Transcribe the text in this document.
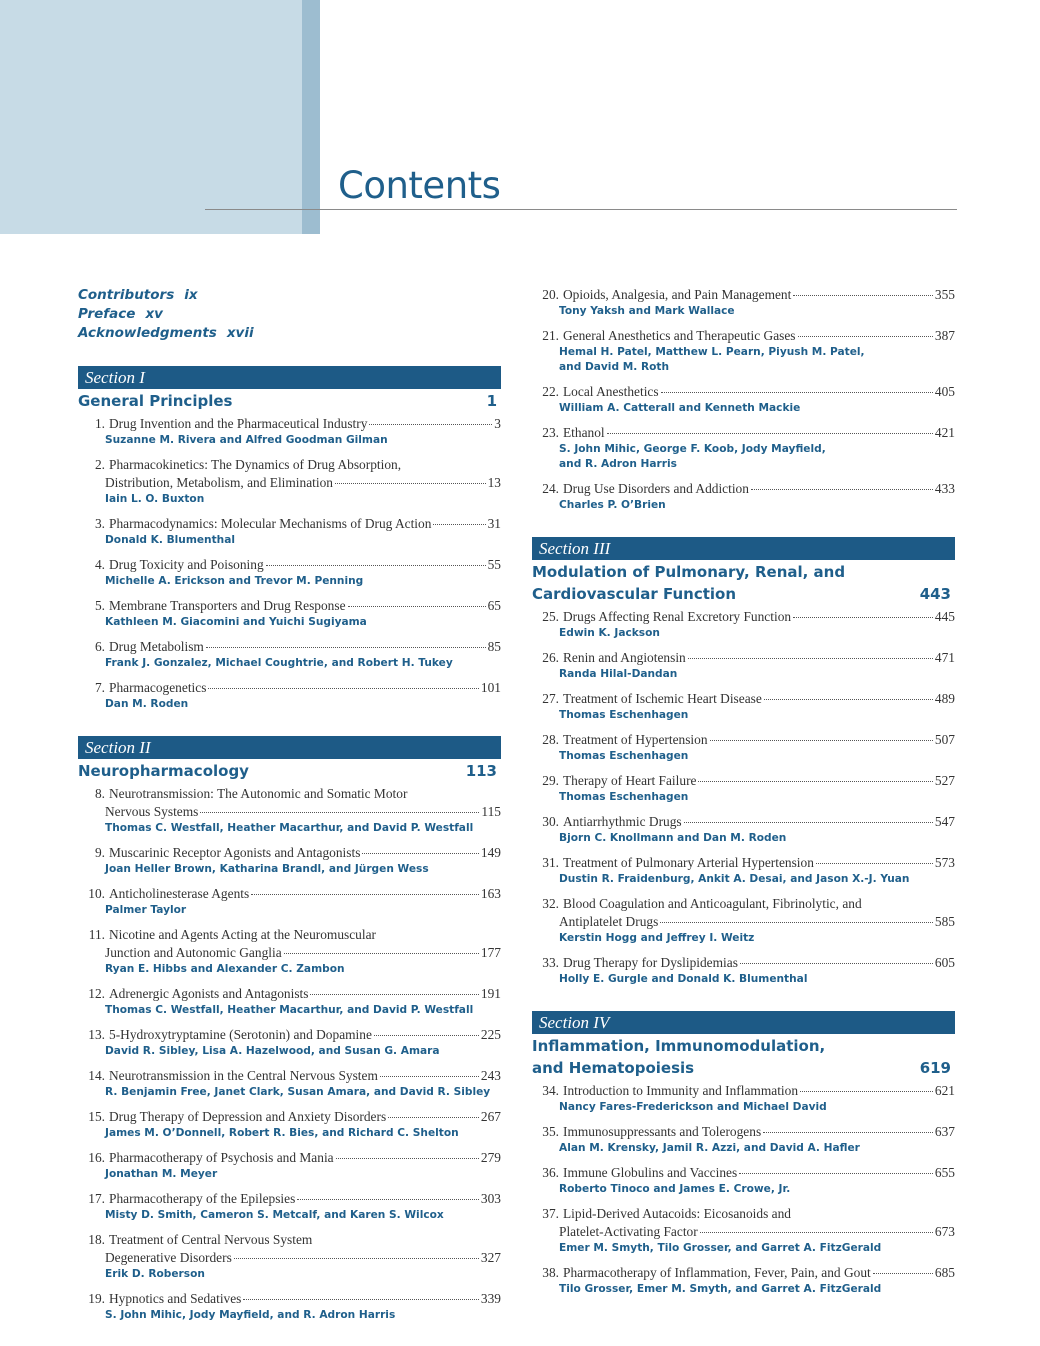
Contents
Contributors ix
Preface xv
Acknowledgments xvii
Section I
General Principles	1
1. Drug Invention and the Pharmaceutical Industry	3
Suzanne M. Rivera and Alfred Goodman Gilman
2. Pharmacokinetics: The Dynamics of Drug Absorption,
Distribution, Metabolism, and Elimination	13
Iain L. O. Buxton
3. Pharmacodynamics: Molecular Mechanisms of Drug Action	31
Donald K. Blumenthal
4. Drug Toxicity and Poisoning	55
Michelle A. Erickson and Trevor M. Penning
5. Membrane Transporters and Drug Response	65
Kathleen M. Giacomini and Yuichi Sugiyama
6. Drug Metabolism	85
Frank J. Gonzalez, Michael Coughtrie, and Robert H. Tukey
7. Pharmacogenetics	101
Dan M. Roden
Section II
Neuropharmacology	113
8. Neurotransmission: The Autonomic and Somatic Motor
Nervous Systems	115
Thomas C. Westfall, Heather Macarthur, and David P. Westfall
9. Muscarinic Receptor Agonists and Antagonists	149
Joan Heller Brown, Katharina Brandl, and Jürgen Wess
10. Anticholinesterase Agents	163
Palmer Taylor
11. Nicotine and Agents Acting at the Neuromuscular
Junction and Autonomic Ganglia	177
Ryan E. Hibbs and Alexander C. Zambon
12. Adrenergic Agonists and Antagonists	191
Thomas C. Westfall, Heather Macarthur, and David P. Westfall
13. 5-Hydroxytryptamine (Serotonin) and Dopamine	225
David R. Sibley, Lisa A. Hazelwood, and Susan G. Amara
14. Neurotransmission in the Central Nervous System	243
R. Benjamin Free, Janet Clark, Susan Amara, and David R. Sibley
15. Drug Therapy of Depression and Anxiety Disorders	267
James M. O’Donnell, Robert R. Bies, and Richard C. Shelton
16. Pharmacotherapy of Psychosis and Mania	279
Jonathan M. Meyer
17. Pharmacotherapy of the Epilepsies	303
Misty D. Smith, Cameron S. Metcalf, and Karen S. Wilcox
18. Treatment of Central Nervous System
Degenerative Disorders	327
Erik D. Roberson
19. Hypnotics and Sedatives	339
S. John Mihic, Jody Mayfield, and R. Adron Harris
20. Opioids, Analgesia, and Pain Management	355
Tony Yaksh and Mark Wallace
21. General Anesthetics and Therapeutic Gases	387
Hemal H. Patel, Matthew L. Pearn, Piyush M. Patel,
and David M. Roth
22. Local Anesthetics	405
William A. Catterall and Kenneth Mackie
23. Ethanol	421
S. John Mihic, George F. Koob, Jody Mayfield,
and R. Adron Harris
24. Drug Use Disorders and Addiction	433
Charles P. O’Brien
Section III
Modulation of Pulmonary, Renal, and
Cardiovascular Function	443
25. Drugs Affecting Renal Excretory Function	445
Edwin K. Jackson
26. Renin and Angiotensin	471
Randa Hilal-Dandan
27. Treatment of Ischemic Heart Disease	489
Thomas Eschenhagen
28. Treatment of Hypertension	507
Thomas Eschenhagen
29. Therapy of Heart Failure	527
Thomas Eschenhagen
30. Antiarrhythmic Drugs	547
Bjorn C. Knollmann and Dan M. Roden
31. Treatment of Pulmonary Arterial Hypertension	573
Dustin R. Fraidenburg, Ankit A. Desai, and Jason X.-J. Yuan
32. Blood Coagulation and Anticoagulant, Fibrinolytic, and
Antiplatelet Drugs	585
Kerstin Hogg and Jeffrey I. Weitz
33. Drug Therapy for Dyslipidemias	605
Holly E. Gurgle and Donald K. Blumenthal
Section IV
Inflammation, Immunomodulation,
and Hematopoiesis	619
34. Introduction to Immunity and Inflammation	621
Nancy Fares-Frederickson and Michael David
35. Immunosuppressants and Tolerogens	637
Alan M. Krensky, Jamil R. Azzi, and David A. Hafler
36. Immune Globulins and Vaccines	655
Roberto Tinoco and James E. Crowe, Jr.
37. Lipid-Derived Autacoids: Eicosanoids and
Platelet-Activating Factor	673
Emer M. Smyth, Tilo Grosser, and Garret A. FitzGerald
38. Pharmacotherapy of Inflammation, Fever, Pain, and Gout	685
Tilo Grosser, Emer M. Smyth, and Garret A. FitzGerald
